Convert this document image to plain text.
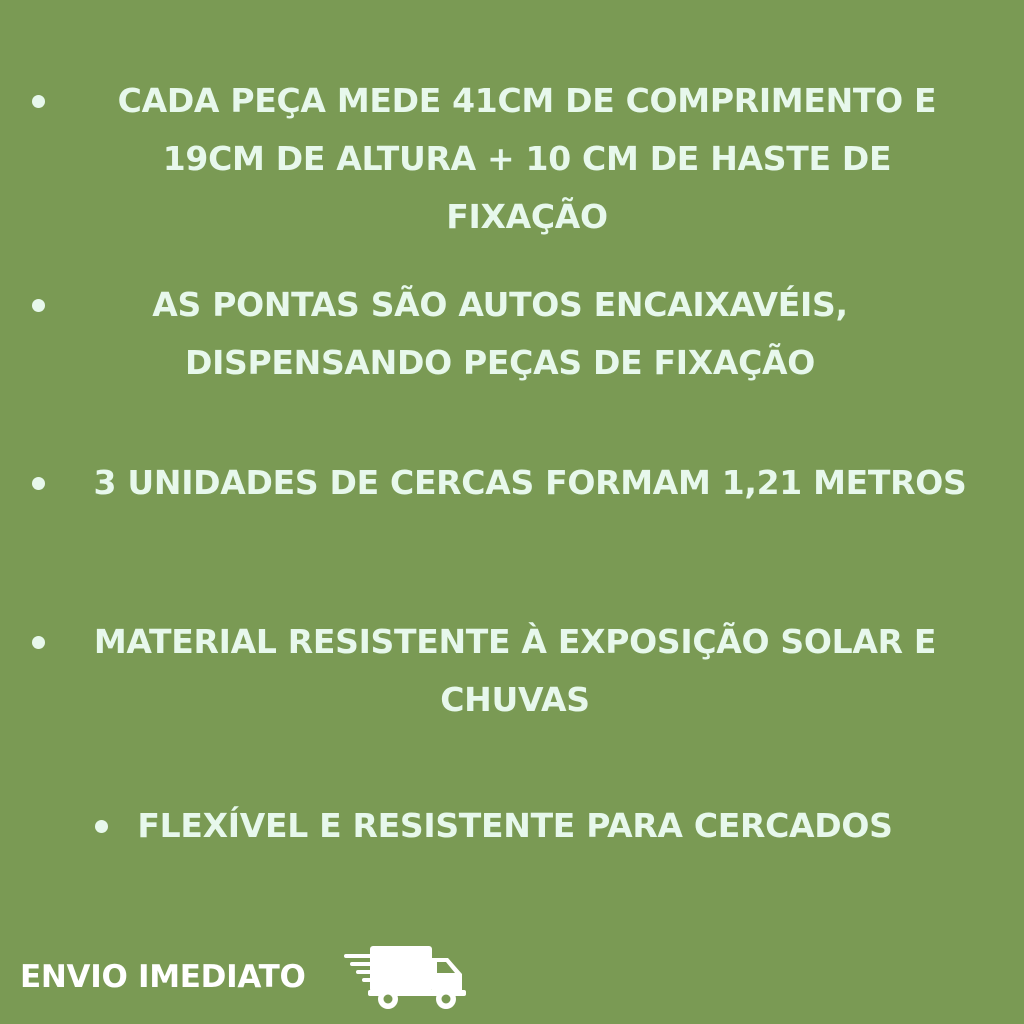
CADA PEÇA MEDE 41CM DE COMPRIMENTO E
19CM DE ALTURA + 10 CM DE HASTE DE
FIXAÇÃO
AS PONTAS SÃO AUTOS ENCAIXAVÉIS,
DISPENSANDO PEÇAS DE FIXAÇÃO
3 UNIDADES DE CERCAS FORMAM 1,21 METROS
MATERIAL RESISTENTE À EXPOSIÇÃO SOLAR E
CHUVAS
FLEXÍVEL E RESISTENTE PARA CERCADOS
ENVIO IMEDIATO
